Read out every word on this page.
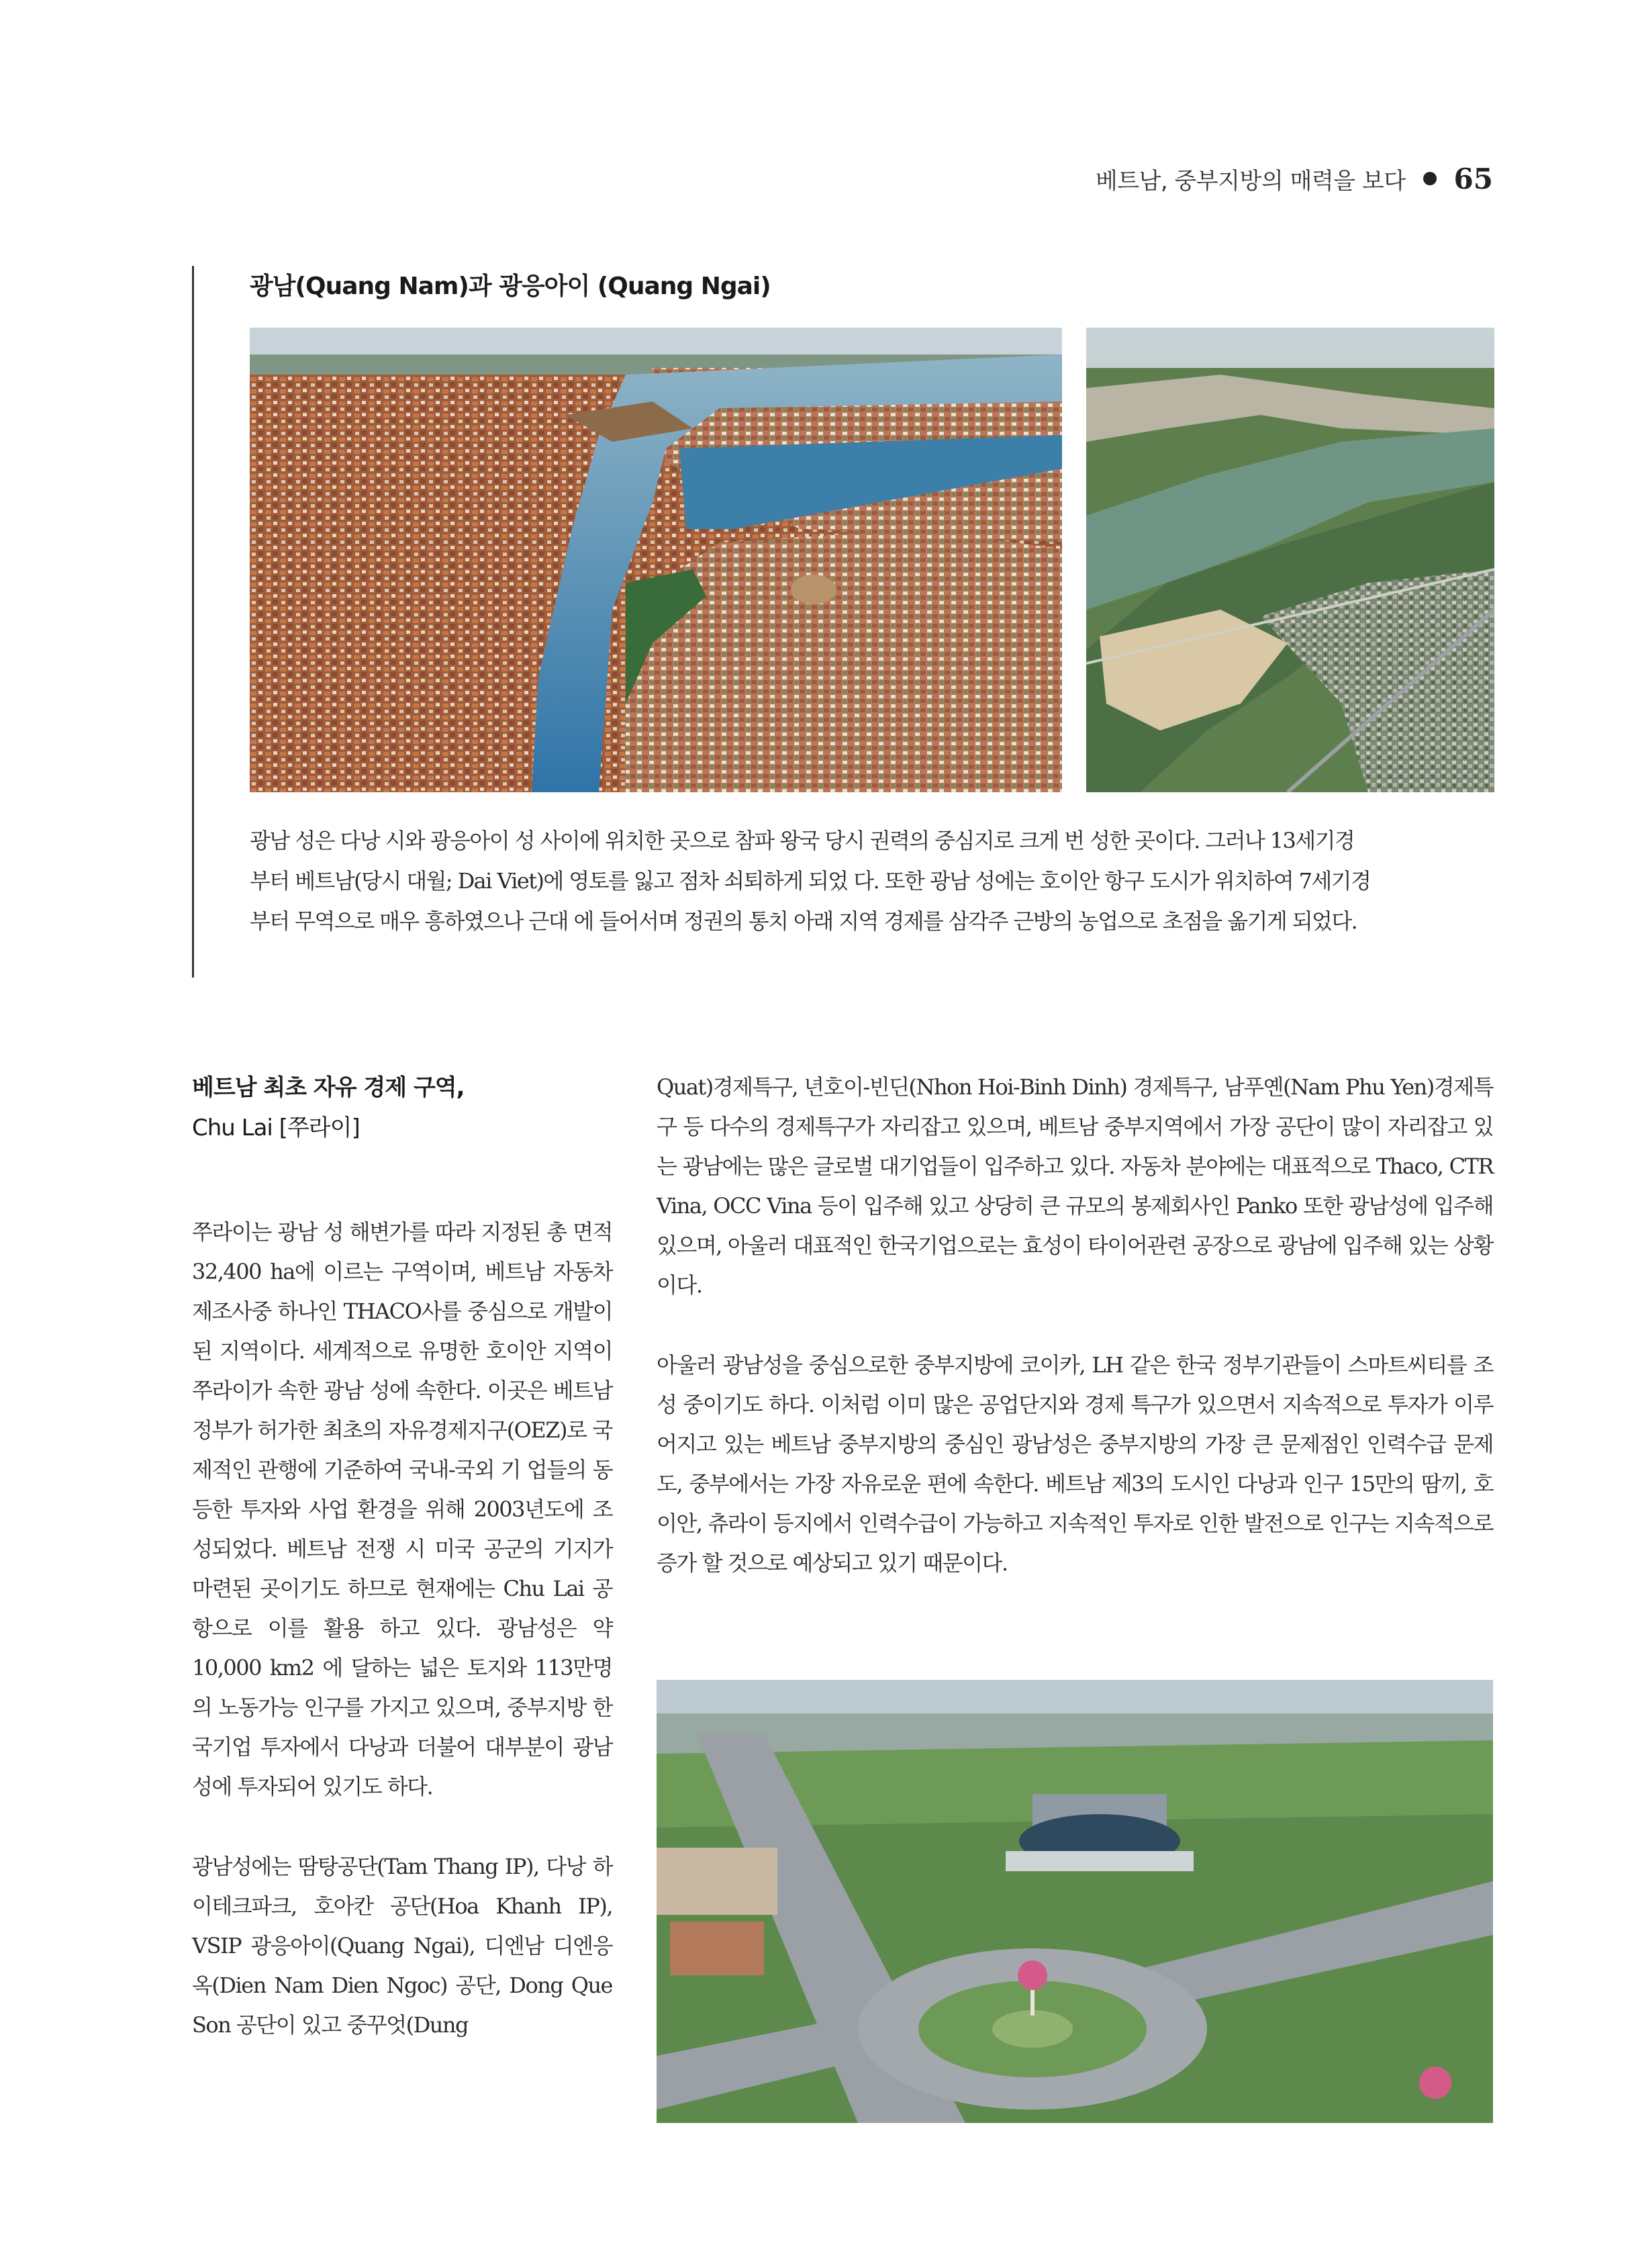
베트남, 중부지방의 매력을 보다 65
광남(Quang Nam)과 광응아이 (Quang Ngai)

광남 성은 다낭 시와 광응아이 성 사이에 위치한 곳으로 참파 왕국 당시 권력의 중심지로 크게 번 성한 곳이다. 그러나 13세기경

부터 베트남(당시 대월; Dai Viet)에 영토를 잃고 점차 쇠퇴하게 되었 다. 또한 광남 성에는 호이안 항구 도시가 위치하여 7세기경

부터 무역으로 매우 흥하였으나 근대 에 들어서며 정권의 통치 아래 지역 경제를 삼각주 근방의 농업으로 초점을 옮기게 되었다.

베트남 최초 자유 경제 구역,
Chu Lai [쭈라이]

쭈라이는 광남 성 해변가를 따라 지정된 총 면적 32,400 ha에 이르는 구역이며, 베트남 자동차 제조사중 하나인 THACO사를 중심으로 개발이 된 지역이다. 세계적으로 유명한 호이안 지역이 쭈라이가 속한 광남 성에 속한다. 이곳은 베트남 정부가 허가한 최초의 자유경제지구(OEZ)로 국제적인 관행에 기준하여 국내-국외 기 업들의 동등한 투자와 사업 환경을 위해 2003년도에 조성되었다. 베트남 전쟁 시 미국 공군의 기지가 마련된 곳이기도 하므로 현재에는 Chu Lai 공항으로 이를 활용 하고 있다. 광남성은 약 10,000 km2 에 달하는 넓은 토지와 113만명의 노동가능 인구를 가지고 있으며, 중부지방 한국기업 투자에서 다낭과 더불어 대부분이 광남성에 투자되어 있기도 하다.

광남성에는 땀탕공단(Tam Thang IP), 다낭 하이테크파크, 호아칸 공단(Hoa Khanh IP), VSIP 광응아이(Quang Ngai), 디엔남 디엔응옥(Dien Nam Dien Ngoc) 공단, Dong Que Son 공단이 있고 중꾸엇(Dung

Quat)경제특구, 년호이-빈딘(Nhon Hoi-Binh Dinh) 경제특구, 남푸옌(Nam Phu Yen)경제특구 등 다수의 경제특구가 자리잡고 있으며, 베트남 중부지역에서 가장 공단이 많이 자리잡고 있는 광남에는 많은 글로벌 대기업들이 입주하고 있다. 자동차 분야에는 대표적으로 Thaco, CTR Vina, OCC Vina 등이 입주해 있고 상당히 큰 규모의 봉제회사인 Panko 또한 광남성에 입주해 있으며, 아울러 대표적인 한국기업으로는 효성이 타이어관련 공장으로 광남에 입주해 있는 상황이다.

아울러 광남성을 중심으로한 중부지방에 코이카, LH 같은 한국 정부기관들이 스마트씨티를 조성 중이기도 하다. 이처럼 이미 많은 공업단지와 경제 특구가 있으면서 지속적으로 투자가 이루어지고 있는 베트남 중부지방의 중심인 광남성은 중부지방의 가장 큰 문제점인 인력수급 문제도, 중부에서는 가장 자유로운 편에 속한다. 베트남 제3의 도시인 다낭과 인구 15만의 땀끼, 호이안, 츄라이 등지에서 인력수급이 가능하고 지속적인 투자로 인한 발전으로 인구는 지속적으로 증가 할 것으로 예상되고 있기 때문이다.
